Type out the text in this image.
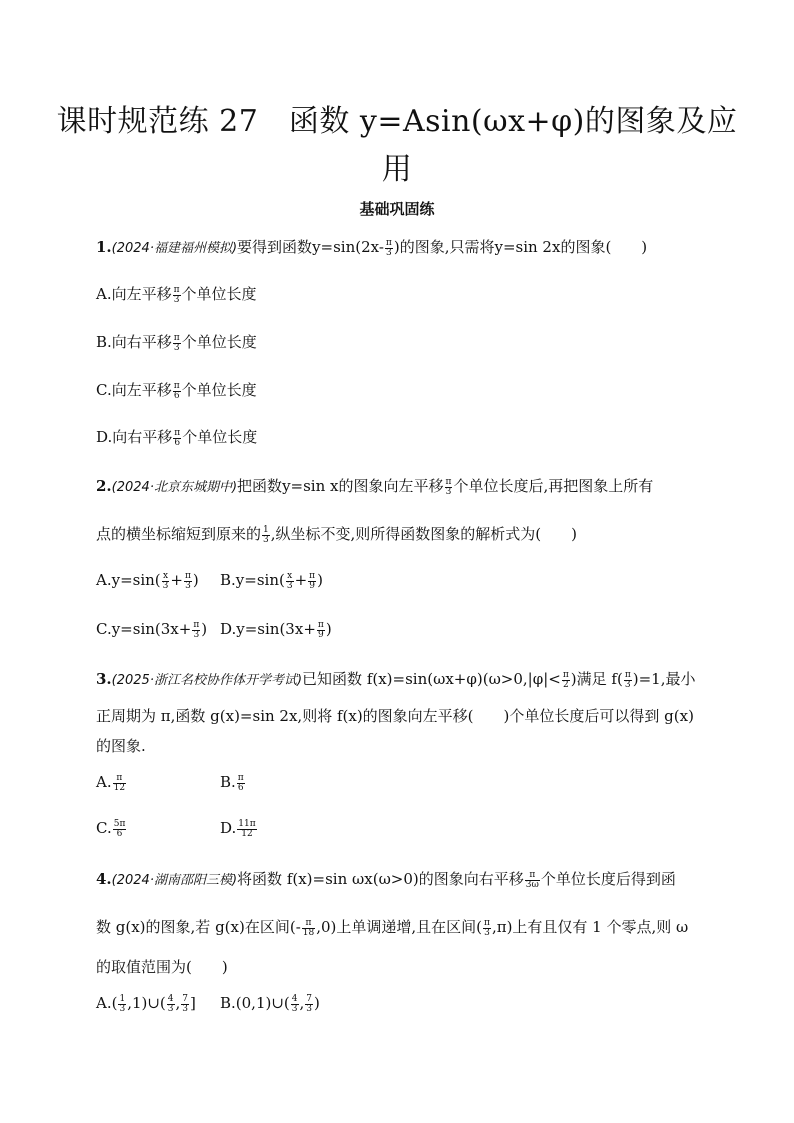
课时规范练 27　函数 y=Asin(ωx+φ)的图象及应
用
基础巩固练
1.(2024·福建福州模拟)要得到函数$y=\sin(2x- \frac{\pi}{3}$ )的图象,只需将y=sin 2x的图象(　　)
A.向左平移 $\frac{\pi}{3}$ 个单位长度
B.向右平移 $\frac{\pi}{3}$ 个单位长度
C.向左平移 $\frac{\pi}{6}$ 个单位长度
D.向右平移 $\frac{\pi}{6}$ 个单位长度
2.(2024·北京东城期中)把函数y=sin x的图象向左平移 $\frac{\pi}{3}$ 个单位长度后,再把图象上所有
点的横坐标缩短到原来的 $\frac{1}{3}$ ,纵坐标不变,则所得函数图象的解析式为(　　)
$A.y=\sin( \frac{x}{3} + \frac{\pi}{3}$ ) $B.y=\sin( \frac{x}{3} + \frac{\pi}{9}$ )
$C.y=\sin(3x+ \frac{\pi}{3}$ ) $D.y=\sin(3x+ \frac{\pi}{9}$ )
3.(2025·浙江名校协作体开学考试)已知函数 $f(x)=\sin(\omega x+\varphi)(\omega>0,|\varphi|< \frac{\pi}{2}$ )满足 $f( \frac{\pi}{3} )=1$,最小
正周期为 π,函数 g(x)=sin 2x,则将 f(x)的图象向左平移(　　)个单位长度后可以得到 g(x)
的图象.
A. $\frac{\pi}{12}$	B. $\frac{\pi}{6}$
C. $\frac{5\pi}{6}$	D. $\frac{11\pi}{12}$
4.(2024·湖南邵阳三模)将函数 f(x)=sin ωx(ω>0)的图象向右平移 $\frac{\pi}{3\omega}$ 个单位长度后得到函
数 g(x)的图象,若 g(x)在区间(- $\frac{\pi}{18} ,0$)上单调递增,且在区间( $\frac{\pi}{3} ,\pi$)上有且仅有 1 个零点,则 ω
的取值范围为(　　)
$A.( \frac{1}{3}$ ,1)∪( $\frac{4}{3}$ , $\frac{7}{3}$ ] B.(0,1)∪( $\frac{4}{3}$ , $\frac{7}{3}$ )
